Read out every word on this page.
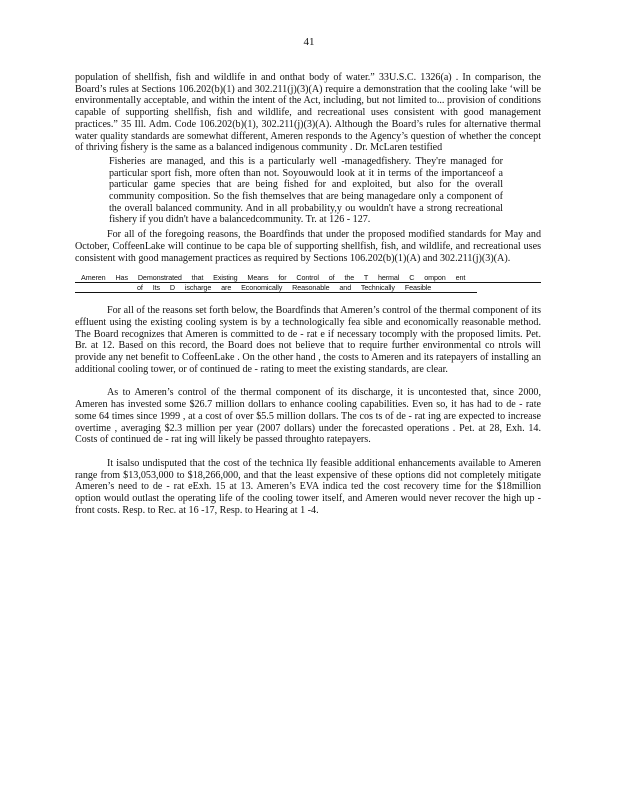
41

population of shellfish, fish and wildlife in and onthat body of water.” 33U.S.C. 1326(a) . In comparison, the Board’s rules at Sections 106.202(b)(1) and 302.211(j)(3)(A) require a demonstration that the cooling lake ‘will be environmentally acceptable, and within the intent of the Act, including, but not limited to... provision of conditions capable of supporting shellfish, fish and wildlife, and recreational uses consistent with good management practices.” 35 Ill. Adm. Code 106.202(b)(1), 302.211(j)(3)(A). Although the Board’s rules for alternative thermal water quality standards are somewhat different, Ameren responds to the Agency’s question of whether the concept of thriving fishery is the same as a balanced indigenous community . Dr. McLaren testified

Fisheries are managed, and this is a particularly well -managedfishery. They're managed for particular sport fish, more often than not. Soyouwould look at it in terms of the importanceof a particular game species that are being fished for and exploited, but also for the overall community composition. So the fish themselves that are being managedare only a component of the overall balanced community. And in all probability,y ou wouldn't have a strong recreational fishery if you didn't have a balancedcommunity. Tr. at 126 - 127.

For all of the foregoing reasons, the Boardfinds that under the proposed modified standards for May and October, CoffeenLake will continue to be capa ble of supporting shellfish, fish, and wildlife, and recreational uses consistent with good management practices as required by Sections 106.202(b)(1)(A) and 302.211(j)(3)(A).

Ameren Has Demonstrated that Existing Means for Control of the T hermal C ompon ent
of Its D ischarge are Economically Reasonable and Technically Feasible

For all of the reasons set forth below, the Boardfinds that Ameren’s control of the thermal component of its effluent using the existing cooling system is by a technologically fea sible and economically reasonable method. The Board recognizes that Ameren is committed to de - rat e if necessary tocomply with the proposed limits. Pet. Br. at 12. Based on this record, the Board does not believe that to require further environmental co ntrols will provide any net benefit to CoffeenLake . On the other hand , the costs to Ameren and its ratepayers of installing an additional cooling tower, or of continued de - rating to meet the existing standards, are clear.

As to Ameren’s control of the thermal component of its discharge, it is uncontested that, since 2000, Ameren has invested some $26.7 million dollars to enhance cooling capabilities. Even so, it has had to de - rate some 64 times since 1999 , at a cost of over $5.5 million dollars. The cos ts of de - rat ing are expected to increase overtime , averaging $2.3 million per year (2007 dollars) under the forecasted operations . Pet. at 28, Exh. 14. Costs of continued de - rat ing will likely be passed throughto ratepayers.

It isalso undisputed that the cost of the technica lly feasible additional enhancements available to Ameren range from $13,053,000 to $18,266,000, and that the least expensive of these options did not completely mitigate Ameren’s need to de - rat eExh. 15 at 13. Ameren’s EVA indica ted the cost recovery time for the $18million option would outlast the operating life of the cooling tower itself, and Ameren would never recover the high up - front costs. Resp. to Rec. at 16 -17, Resp. to Hearing at 1 -4.
